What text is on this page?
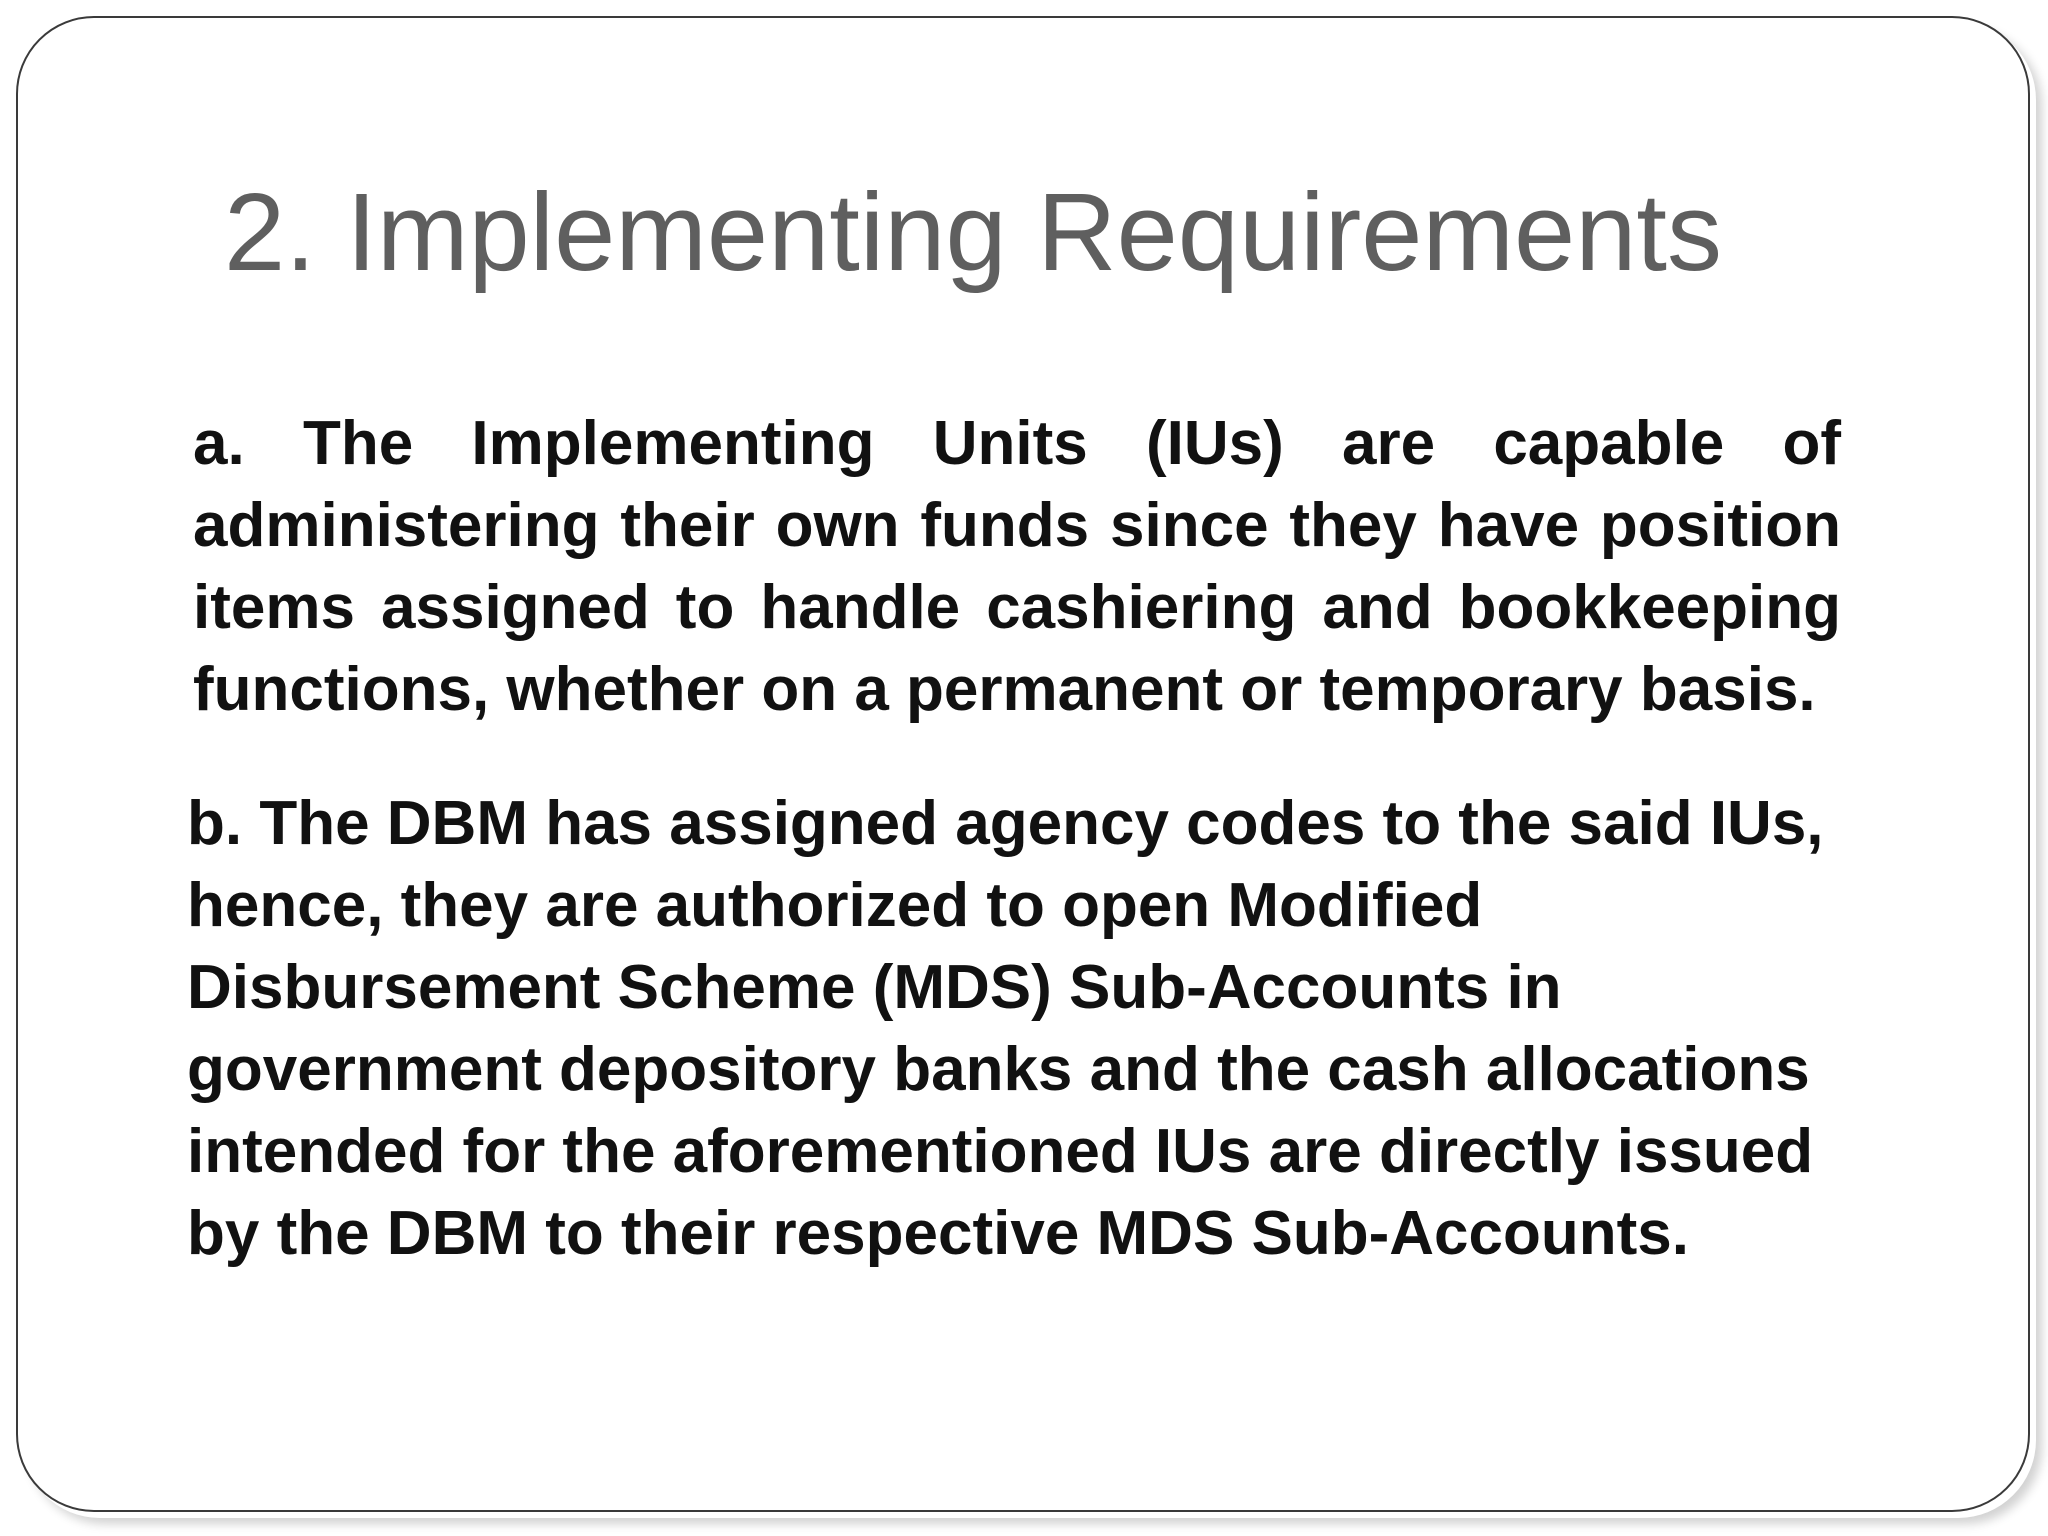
2. Implementing Requirements

a. The Implementing Units (IUs) are capable of administering their own funds since they have position items assigned to handle cashiering and bookkeeping functions, whether on a permanent or temporary basis.

b. The DBM has assigned agency codes to the said IUs, hence, they are authorized to open Modified Disbursement Scheme (MDS) Sub-Accounts in government depository banks and the cash allocations intended for the aforementioned IUs are directly issued by the DBM to their respective MDS Sub-Accounts.
